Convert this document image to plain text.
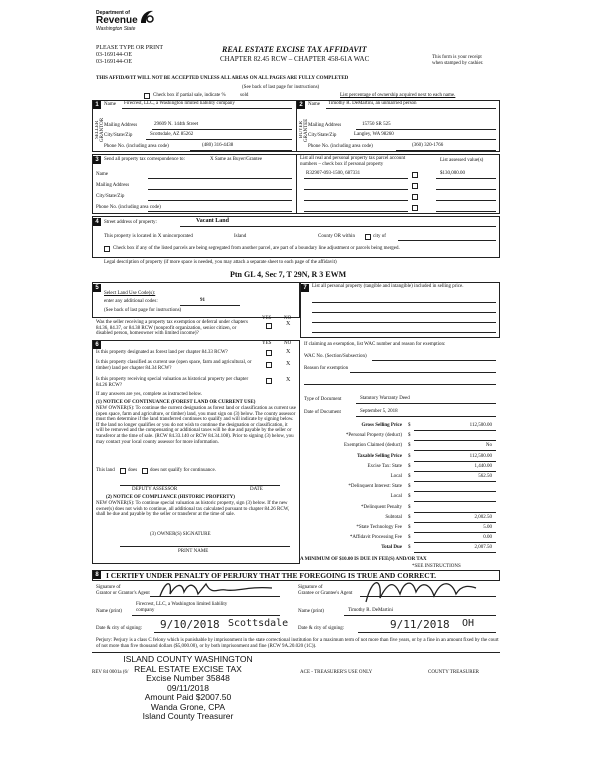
Department of
Revenue
Washington State
PLEASE TYPE OR PRINT
03-169144-OE
03-169144-OE
REAL ESTATE EXCISE TAX AFFIDAVIT
CHAPTER 82.45 RCW – CHAPTER 458-61A WAC	This form is your receipt
when stamped by cashier.
THIS AFFIDAVIT WILL NOT BE ACCEPTED UNLESS ALL AREAS ON ALL PAGES ARE FULLY COMPLETED
(See back of last page for instructions)
Check box if partial sale, indicate %	sold	List percentage of ownership acquired next to each name.
1	2
SELLER GRANTOR	BUYER GRANTEE
Name Firecrest, LLC, a Washington limited liability company
Mailing Address	29609 N. 144th Street
City/State/Zip	Scottsdale, AZ 85262
Phone No. (including area code)	(480) 316-4438
Name Timothy R. DeMartini, an unmarried person
Mailing Address	15750 SR 525
City/State/Zip	Langley, WA 98260
Phone No. (including area code)	(360) 320-1766
3	Send all property tax correspondence to:	X Same as Buyer/Grantee
Name
Mailing Address
City/State/Zip
Phone No. (including area code)
List all real and personal property tax parcel account numbers – check box if personal property
List assessed value(s)
R32907-093-1500, 687331	$130,000.00
4	Street address of property:	Vacant Land
This property is located in X unincorporated	Island	County OR within	city of
Check box if any of the listed parcels are being segregated from another parcel, are part of a boundary line adjustment or parcels being merged.
Legal description of property (if more space is needed, you may attach a separate sheet to each page of the affidavit)
Ptn GL 4, Sec 7, T 29N, R 3 EWM
5
Select Land Use Code(s):
enter any additional codes:	91
(See back of last page for instructions)
YES	NO
Was the seller receiving a property tax exemption or deferral under chapters 84.36, 84.37, or 84.38 RCW (nonprofit organization, senior citizen, or disabled person, homeowner with limited income)?
X
6	YES	NO
Is this property designated as forest land per chapter 84.33 RCW?	X
Is this property classified as current use (open space, farm and agricultural, or timber) land per chapter 84.34 RCW?
X
Is this property receiving special valuation as historical property per chapter 84.26 RCW?
X
If any answers are yes, complete as instructed below.
(1) NOTICE OF CONTINUANCE (FOREST LAND OR CURRENT USE)
NEW OWNER(S): To continue the current designation as forest land or classification as current use (open space, farm and agriculture, or timber) land, you must sign on (3) below. The county assessor must then determine if the land transferred continues to qualify and will indicate by signing below. If the land no longer qualifies or you do not wish to continue the designation or classification, it will be removed and the compensating or additional taxes will be due and payable by the seller or transferor at the time of sale. (RCW 84.33.140 or RCW 84.34.108). Prior to signing (3) below, you may contact your local county assessor for more information.
This land	does	does not qualify for continuance.
DEPUTY ASSESSOR	DATE
(2) NOTICE OF COMPLIANCE (HISTORIC PROPERTY)
NEW OWNER(S): To continue special valuation as historic property, sign (3) below. If the new owner(s) does not wish to continue, all additional tax calculated pursuant to chapter 84.26 RCW, shall be due and payable by the seller or transferor at the time of sale.
(3) OWNER(S) SIGNATURE
PRINT NAME
7	List all personal property (tangible and intangible) included in selling price.
If claiming an exemption, list WAC number and reason for exemption:
WAC No. (Section/Subsection)
Reason for exemption
Type of Document	Statutory Warranty Deed
Date of Document	September 5, 2018
Gross Selling Price $	112,500.00
*Personal Property (deduct) $
Exemption Claimed (deduct) $	No
Taxable Selling Price $	112,500.00
Excise Tax: State $	1,440.00
Local $	562.50
*Delinquent Interest: State $
Local $
*Delinquent Penalty $
Subtotal $	2,002.50
*State Technology Fee $	5.00
*Affidavit Processing Fee $	0.00
Total Due $	2,007.50
A MINIMUM OF $10.00 IS DUE IN FEE(S) AND/OR TAX
*SEE INSTRUCTIONS
8 I CERTIFY UNDER PENALTY OF PERJURY THAT THE FOREGOING IS TRUE AND CORRECT.
Signature of
Grantor or Grantor's Agent
Signature of
Grantee or Grantee's Agent
Name (print)
Firecrest, LLC, a Washington limited liability
company	Name (print)	Timothy R. DeMartini
Date & city of signing: 9/10/2018 Scottsdale Date & city of signing:	9/11/2018 OH
Perjury: Perjury is a class C felony which is punishable by imprisonment in the state correctional institution for a maximum term of not more than five years, or by a fine in an amount fixed by the court of not more than five thousand dollars ($5,000.00), or by both imprisonment and fine (RCW 9A.20.020 (1C)).
ISLAND COUNTY WASHINGTON
REAL ESTATE EXCISE TAX
Excise Number 35848
09/11/2018
Amount Paid $2007.50
Wanda Grone, CPA
Island County Treasurer
REV 84 0001a (6/	ACE - TREASURER'S USE ONLY	COUNTY TREASURER
